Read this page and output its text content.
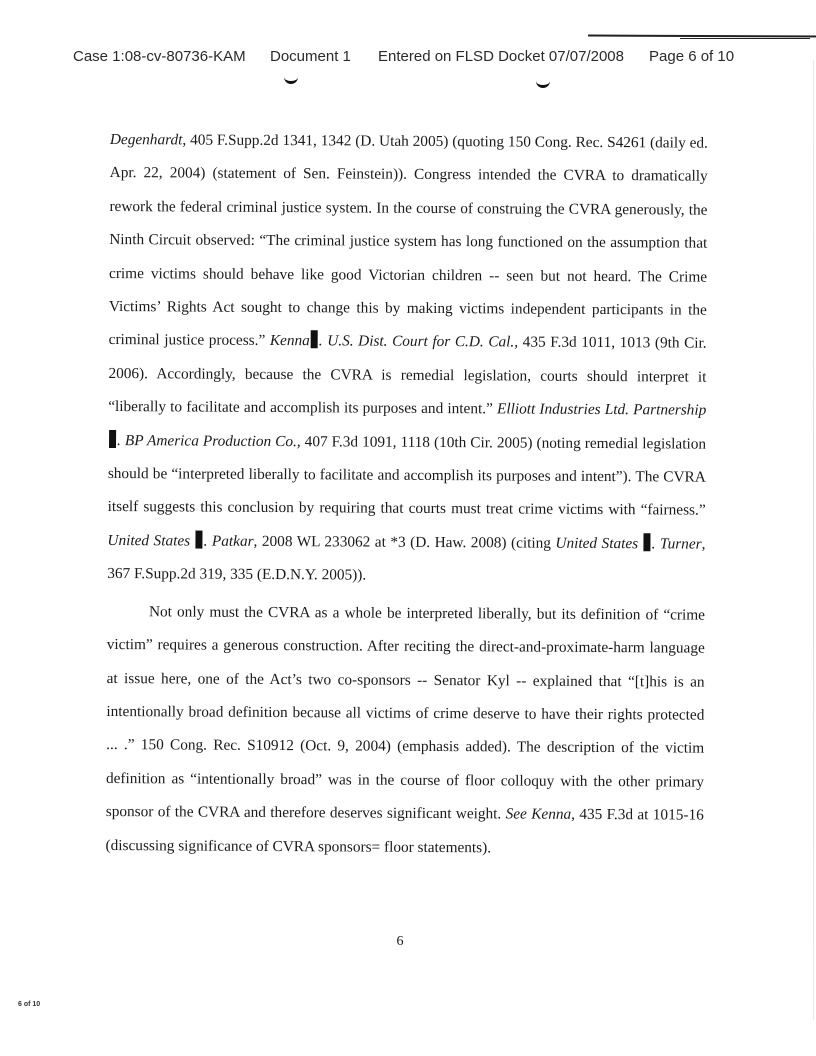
Case 1:08-cv-80736-KAM Document 1 Entered on FLSD Docket 07/07/2008 Page 6 of 10

Degenhardt, 405 F.Supp.2d 1341, 1342 (D. Utah 2005) (quoting 150 Cong. Rec. S4261 (daily ed. Apr. 22, 2004) (statement of Sen. Feinstein)). Congress intended the CVRA to dramatically rework the federal criminal justice system. In the course of construing the CVRA generously, the Ninth Circuit observed: “The criminal justice system has long functioned on the assumption that crime victims should behave like good Victorian children -- seen but not heard. The Crime Victims’ Rights Act sought to change this by making victims independent participants in the criminal justice process.” Kenna . U.S. Dist. Court for C.D. Cal., 435 F.3d 1011, 1013 (9th Cir. 2006). Accordingly, because the CVRA is remedial legislation, courts should interpret it “liberally to facilitate and accomplish its purposes and intent.” Elliott Industries Ltd. Partnership . BP America Production Co., 407 F.3d 1091, 1118 (10th Cir. 2005) (noting remedial legislation should be “interpreted liberally to facilitate and accomplish its purposes and intent”). The CVRA itself suggests this conclusion by requiring that courts must treat crime victims with “fairness.” United States . Patkar, 2008 WL 233062 at *3 (D. Haw. 2008) (citing United States . Turner, 367 F.Supp.2d 319, 335 (E.D.N.Y. 2005)).

Not only must the CVRA as a whole be interpreted liberally, but its definition of “crime victim” requires a generous construction. After reciting the direct-and-proximate-harm language at issue here, one of the Act’s two co-sponsors -- Senator Kyl -- explained that “[t]his is an intentionally broad definition because all victims of crime deserve to have their rights protected ... .” 150 Cong. Rec. S10912 (Oct. 9, 2004) (emphasis added). The description of the victim definition as “intentionally broad” was in the course of floor colloquy with the other primary sponsor of the CVRA and therefore deserves significant weight. See Kenna, 435 F.3d at 1015-16 (discussing significance of CVRA sponsors= floor statements).

6
6 of 10
